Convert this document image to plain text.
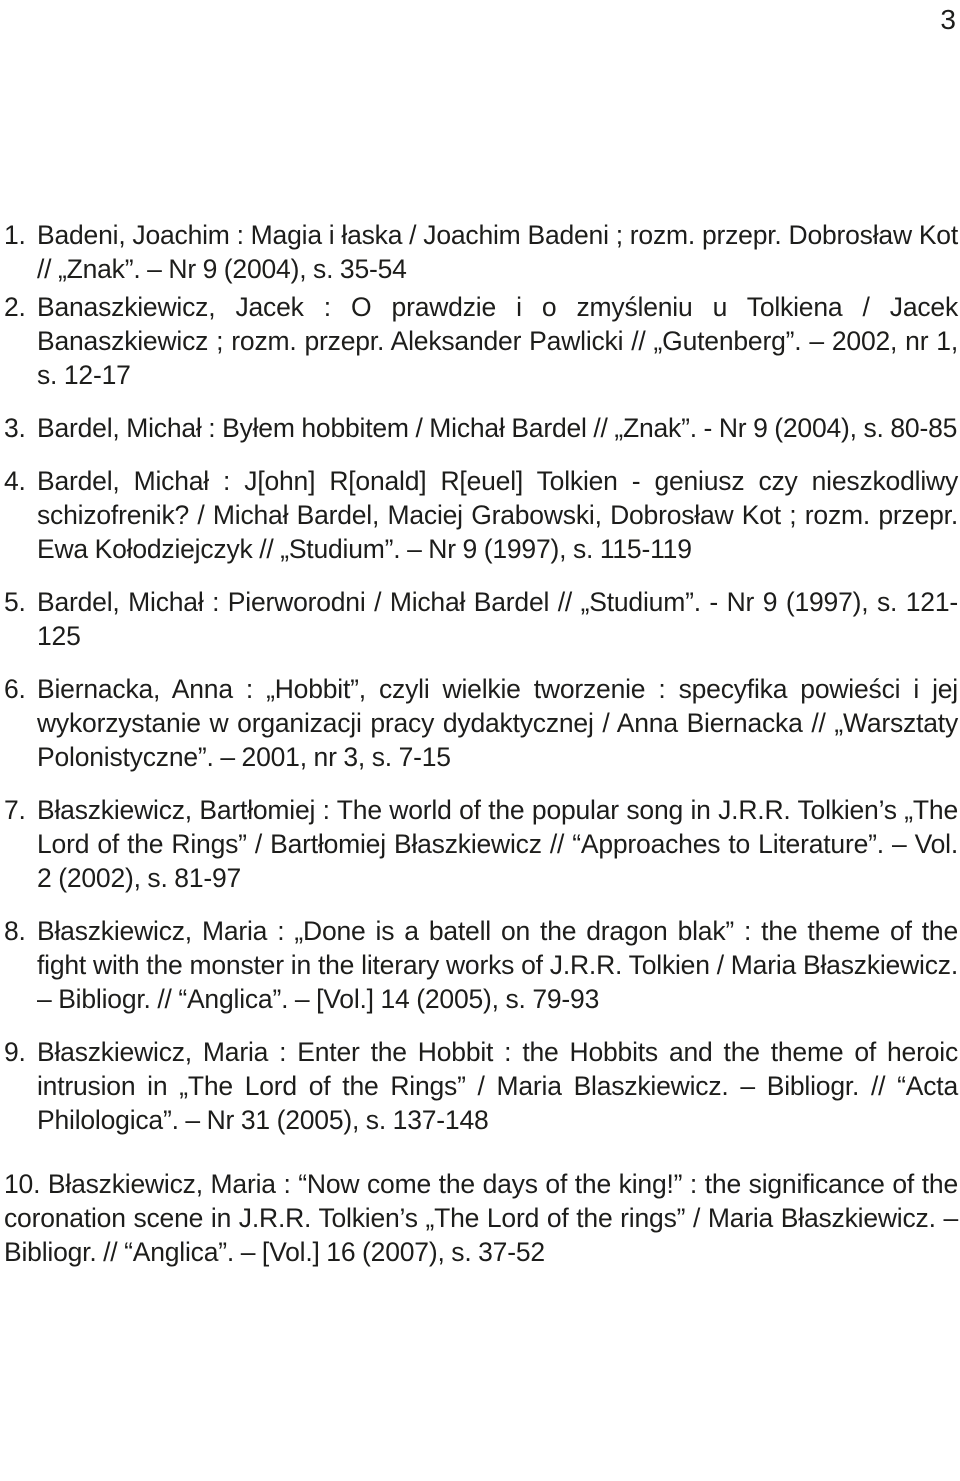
3
1. Badeni, Joachim : Magia i łaska / Joachim Badeni ; rozm. przepr. Dobrosław Kot // „Znak”. – Nr 9 (2004), s. 35-54
2. Banaszkiewicz, Jacek : O prawdzie i o zmyśleniu u Tolkiena / Jacek Banaszkiewicz ; rozm. przepr. Aleksander Pawlicki // „Gutenberg”. – 2002, nr 1, s. 12-17
3. Bardel, Michał : Byłem hobbitem / Michał Bardel // „Znak”. - Nr 9 (2004), s. 80-85
4. Bardel, Michał : J[ohn] R[onald] R[euel] Tolkien - geniusz czy nieszkodliwy schizofrenik? / Michał Bardel, Maciej Grabowski, Dobrosław Kot ; rozm. przepr. Ewa Kołodziejczyk // „Studium”. – Nr 9 (1997), s. 115-119
5. Bardel, Michał : Pierworodni / Michał Bardel // „Studium”. - Nr 9 (1997), s. 121-125
6. Biernacka, Anna : „Hobbit”, czyli wielkie tworzenie : specyfika powieści i jej wykorzystanie w organizacji pracy dydaktycznej / Anna Biernacka // „Warsztaty Polonistyczne”. – 2001, nr 3, s. 7-15
7. Błaszkiewicz, Bartłomiej : The world of the popular song in J.R.R. Tolkien’s „The Lord of the Rings” / Bartłomiej Błaszkiewicz // “Approaches to Literature”. – Vol. 2 (2002), s. 81-97
8. Błaszkiewicz, Maria : „Done is a batell on the dragon blak” : the theme of the fight with the monster in the literary works of J.R.R. Tolkien / Maria Błaszkiewicz. – Bibliogr. // “Anglica”. – [Vol.] 14 (2005), s. 79-93
9. Błaszkiewicz, Maria : Enter the Hobbit : the Hobbits and the theme of heroic intrusion in „The Lord of the Rings” / Maria Blaszkiewicz. – Bibliogr. // “Acta Philologica”. – Nr 31 (2005), s. 137-148
10. Błaszkiewicz, Maria : “Now come the days of the king!” : the significance of the coronation scene in J.R.R. Tolkien’s „The Lord of the rings” / Maria Błaszkiewicz. – Bibliogr. // “Anglica”. – [Vol.] 16 (2007), s. 37-52
